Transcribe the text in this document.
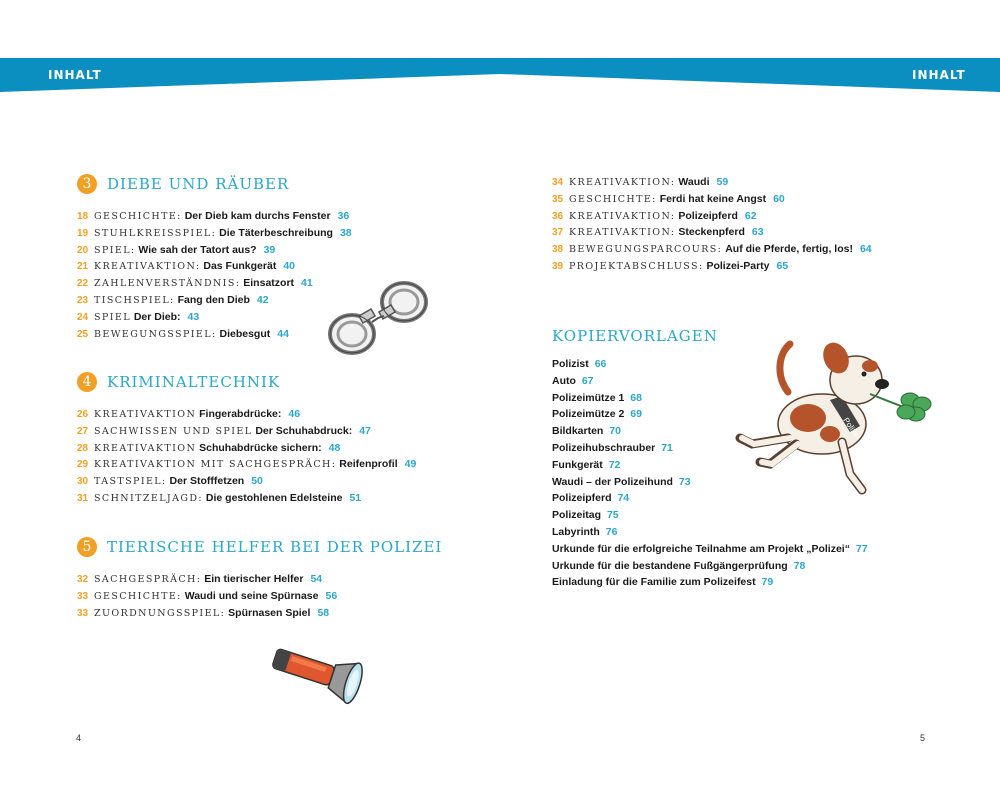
INHALT	INHALT
3	DIEBE UND RÄUBER
18 GESCHICHTE: Der Dieb kam durchs Fenster 36
19 STUHLKREISSPIEL: Die Täterbeschreibung 38
20 SPIEL: Wie sah der Tatort aus? 39
21 KREATIVAKTION: Das Funkgerät 40
22 ZAHLENVERSTÄNDNIS: Einsatzort 41
23 TISCHSPIEL: Fang den Dieb 42
24 SPIEL Der Dieb: 43
25 BEWEGUNGSSPIEL: Diebesgut 44
4	KRIMINALTECHNIK
26 KREATIVAKTION Fingerabdrücke: 46
27 SACHWISSEN UND SPIEL Der Schuhabdruck: 47
28 KREATIVAKTION Schuhabdrücke sichern: 48
29 KREATIVAKTION MIT SACHGESPRÄCH: Reifenprofil 49
30 TASTSPIEL: Der Stofffetzen 50
31 SCHNITZELJAGD: Die gestohlenen Edelsteine 51
5	TIERISCHE HELFER BEI DER POLIZEI
32 SACHGESPRÄCH: Ein tierischer Helfer 54
33 GESCHICHTE: Waudi und seine Spürnase 56
33 ZUORDNUNGSSPIEL: Spürnasen Spiel 58
34 KREATIVAKTION: Waudi 59
35 GESCHICHTE: Ferdi hat keine Angst 60
36 KREATIVAKTION: Polizeipferd 62
37 KREATIVAKTION: Steckenpferd 63
38 BEWEGUNGSPARCOURS: Auf die Pferde, fertig, los! 64
39 PROJEKTABSCHLUSS: Polizei-Party 65
KOPIERVORLAGEN
Polizist 66
Auto 67
Polizeimütze 1 68
Polizeimütze 2 69
Bildkarten 70
Polizeihubschrauber 71
Funkgerät 72
Waudi – der Polizeihund 73
Polizeipferd 74
Polizeitag 75
Labyrinth 76
Urkunde für die erfolgreiche Teilnahme am Projekt „Polizei“ 77
Urkunde für die bestandene Fußgängerprüfung 78
Einladung für die Familie zum Polizeifest 79
Polizei
4	5
